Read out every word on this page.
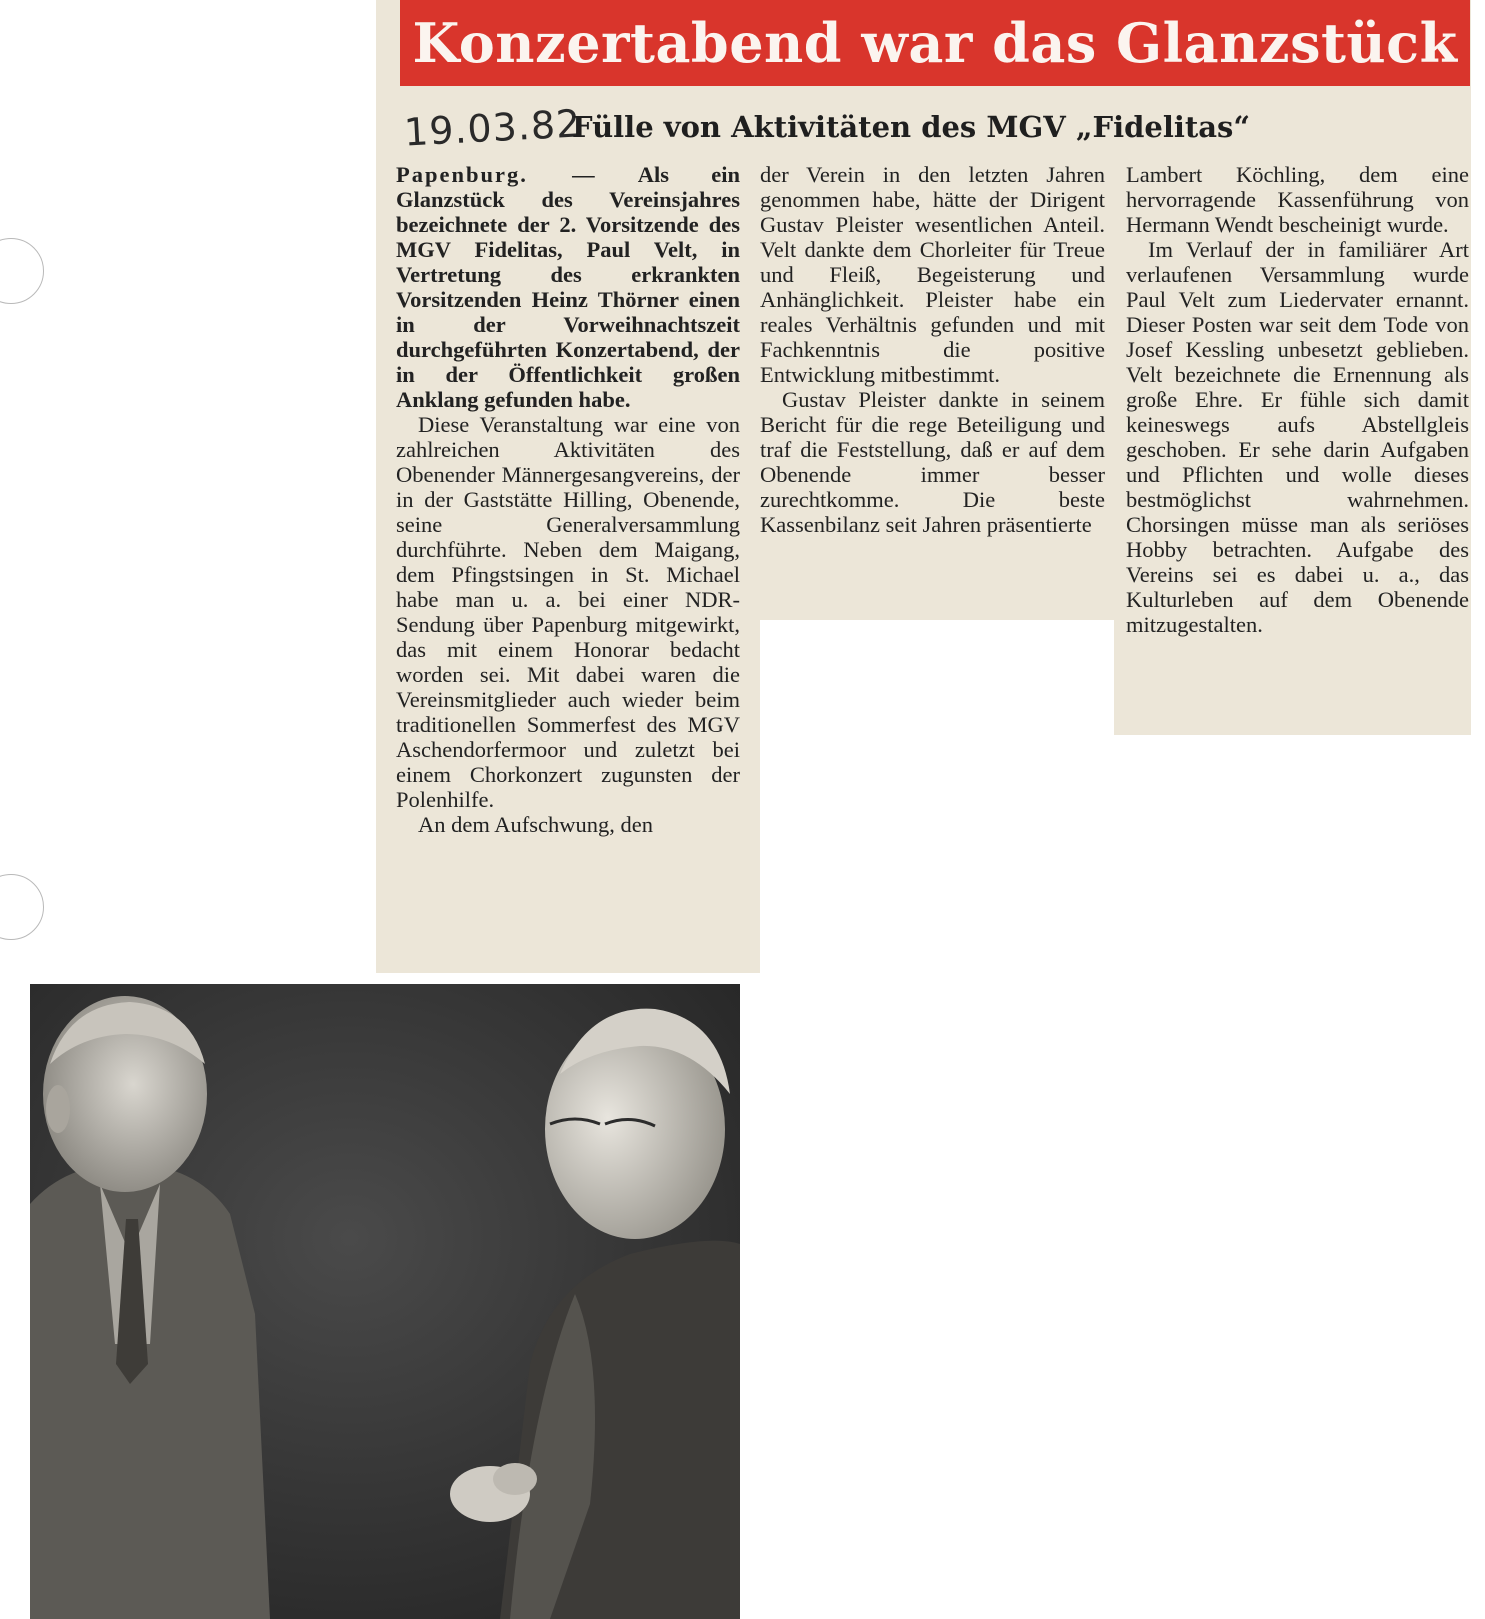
Konzertabend war das Glanzstück
19.03.82
Fülle von Aktivitäten des MGV „Fidelitas“

Papenburg. — Als ein Glanzstück des Vereinsjahres bezeichnete der 2. Vorsitzende des MGV Fidelitas, Paul Velt, in Vertretung des erkrankten Vorsitzenden Heinz Thörner einen in der Vorweihnachtszeit durchgeführten Konzertabend, der in der Öffentlichkeit großen Anklang gefunden habe.

Diese Veranstaltung war eine von zahlreichen Aktivitäten des Obenender Männergesangvereins, der in der Gaststätte Hilling, Obenende, seine Generalversammlung durchführte. Neben dem Maigang, dem Pfingstsingen in St. Michael habe man u. a. bei einer NDR-Sendung über Papenburg mitgewirkt, das mit einem Honorar bedacht worden sei. Mit dabei waren die Vereinsmitglieder auch wieder beim traditionellen Sommerfest des MGV Aschendorfermoor und zuletzt bei einem Chorkonzert zugunsten der Polenhilfe.

An dem Aufschwung, den

der Verein in den letzten Jahren genommen habe, hätte der Dirigent Gustav Pleister wesentlichen Anteil. Velt dankte dem Chorleiter für Treue und Fleiß, Begeisterung und Anhänglichkeit. Pleister habe ein reales Verhältnis gefunden und mit Fachkenntnis die positive Entwicklung mitbestimmt.

Gustav Pleister dankte in seinem Bericht für die rege Beteiligung und traf die Feststellung, daß er auf dem Obenende immer besser zurechtkomme. Die beste Kassenbilanz seit Jahren präsentierte

Lambert Köchling, dem eine hervorragende Kassenführung von Hermann Wendt bescheinigt wurde.

Im Verlauf der in familiärer Art verlaufenen Versammlung wurde Paul Velt zum Liedervater ernannt. Dieser Posten war seit dem Tode von Josef Kessling unbesetzt geblieben. Velt bezeichnete die Ernennung als große Ehre. Er fühle sich damit keineswegs aufs Abstellgleis geschoben. Er sehe darin Aufgaben und Pflichten und wolle dieses bestmöglichst wahrnehmen. Chorsingen müsse man als seriöses Hobby betrachten. Aufgabe des Vereins sei es dabei u. a., das Kulturleben auf dem Obenende mitzugestalten.
